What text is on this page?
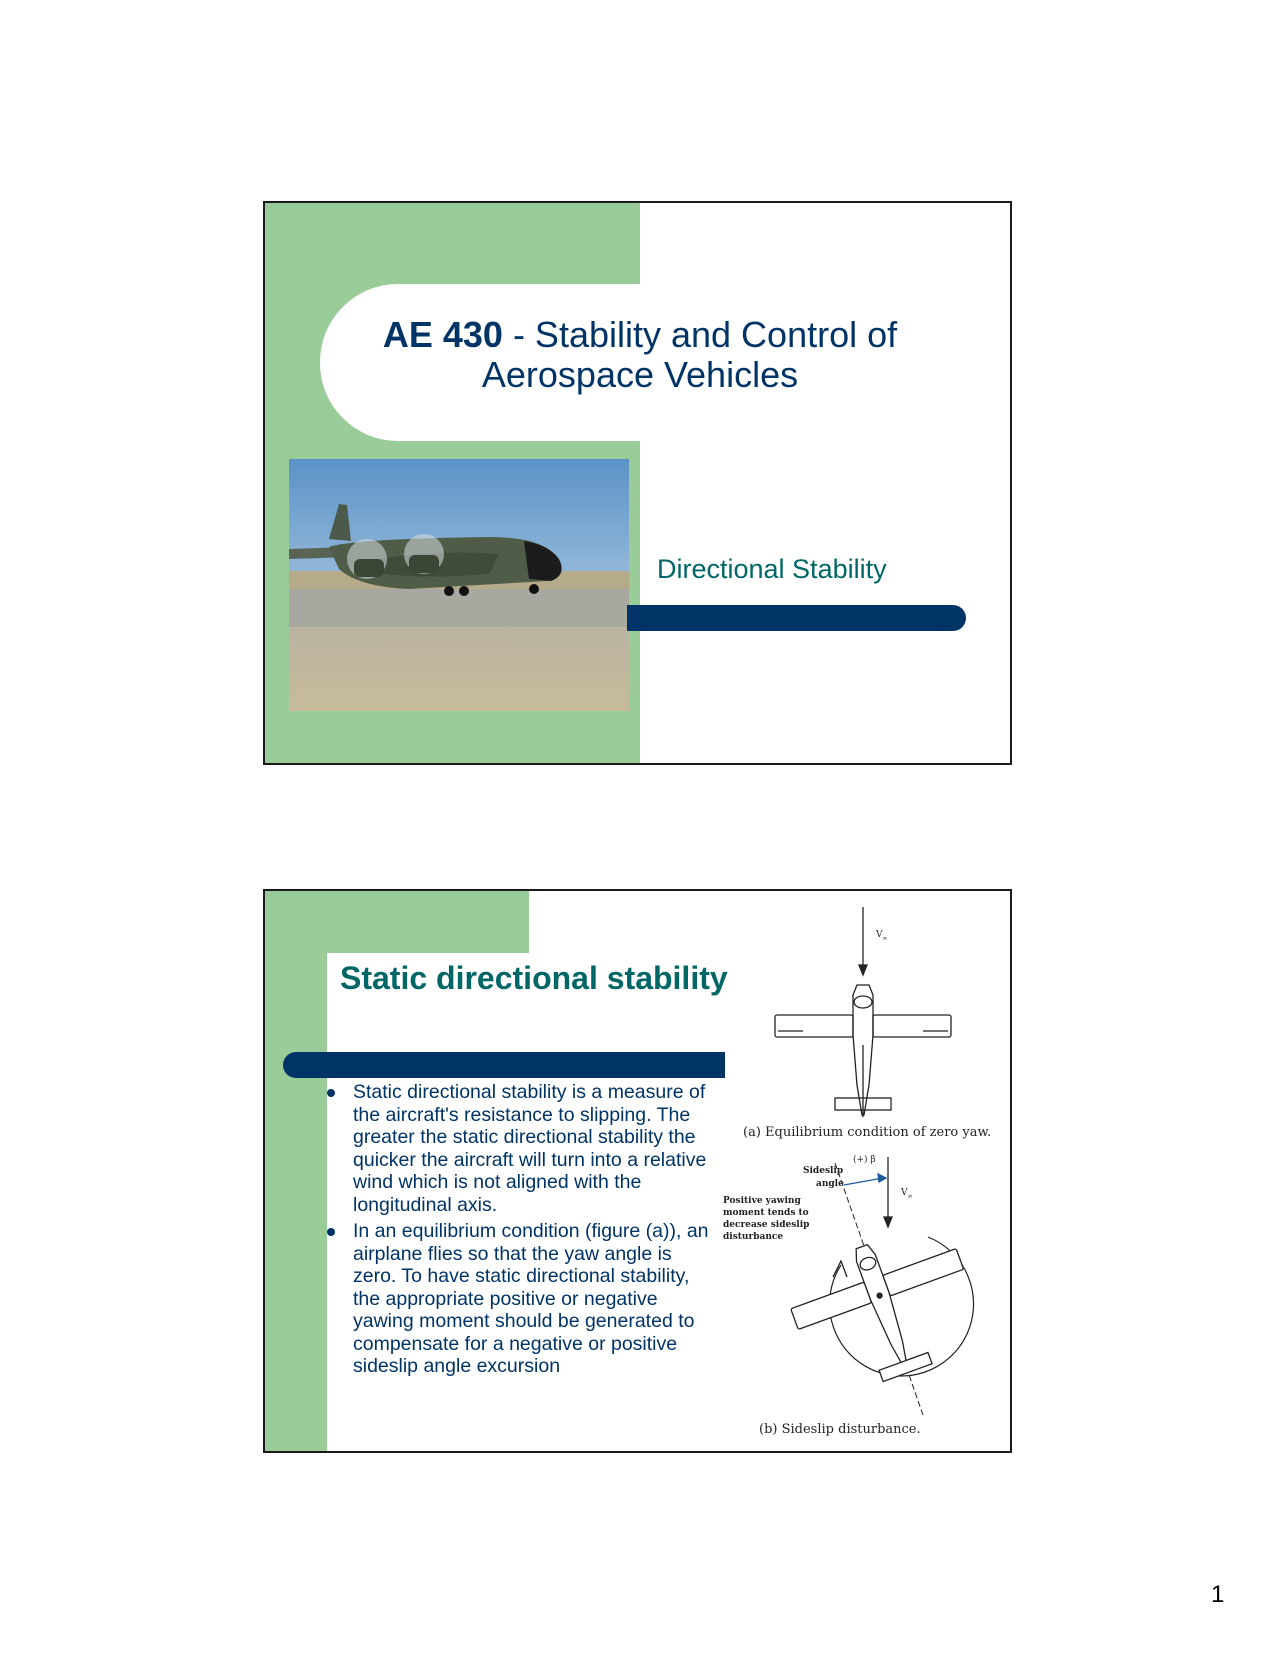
AE 430 - Stability and Control of
Aerospace Vehicles
Directional Stability
Static directional stability
Static directional stability is a measure of the aircraft's resistance to slipping. The greater the static directional stability the quicker the aircraft will turn into a relative wind which is not aligned with the longitudinal axis.
In an equilibrium condition (figure (a)), an airplane flies so that the yaw angle is zero. To have static directional stability, the appropriate positive or negative yawing moment should be generated to compensate for a negative or positive sideslip angle excursion
$V_\infty$
(a) Equilibrium condition of zero yaw.
Sideslip
angle
(+) β
$V_\infty$
Positive yawing
moment tends to
decrease sideslip
disturbance
(b) Sideslip disturbance.
1
